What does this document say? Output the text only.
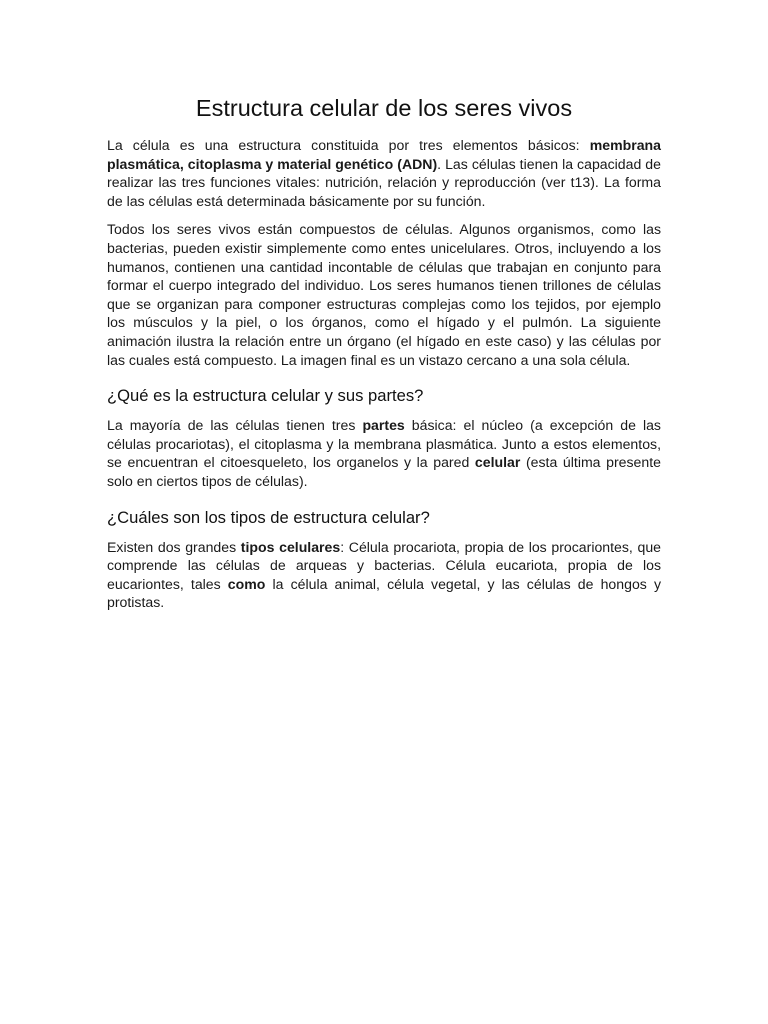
Estructura celular de los seres vivos

La célula es una estructura constituida por tres elementos básicos: membrana plasmática, citoplasma y material genético (ADN). Las células tienen la capacidad de realizar las tres funciones vitales: nutrición, relación y reproducción (ver t13). La forma de las células está determinada básicamente por su función.

Todos los seres vivos están compuestos de células. Algunos organismos, como las bacterias, pueden existir simplemente como entes unicelulares. Otros, incluyendo a los humanos, contienen una cantidad incontable de células que trabajan en conjunto para formar el cuerpo integrado del individuo. Los seres humanos tienen trillones de células que se organizan para componer estructuras complejas como los tejidos, por ejemplo los músculos y la piel, o los órganos, como el hígado y el pulmón. La siguiente animación ilustra la relación entre un órgano (el hígado en este caso) y las células por las cuales está compuesto. La imagen final es un vistazo cercano a una sola célula.

¿Qué es la estructura celular y sus partes?

La mayoría de las células tienen tres partes básica: el núcleo (a excepción de las células procariotas), el citoplasma y la membrana plasmática. Junto a estos elementos, se encuentran el citoesqueleto, los organelos y la pared celular (esta última presente solo en ciertos tipos de células).

¿Cuáles son los tipos de estructura celular?

Existen dos grandes tipos celulares: Célula procariota, propia de los procariontes, que comprende las células de arqueas y bacterias. Célula eucariota, propia de los eucariontes, tales como la célula animal, célula vegetal, y las células de hongos y protistas.
